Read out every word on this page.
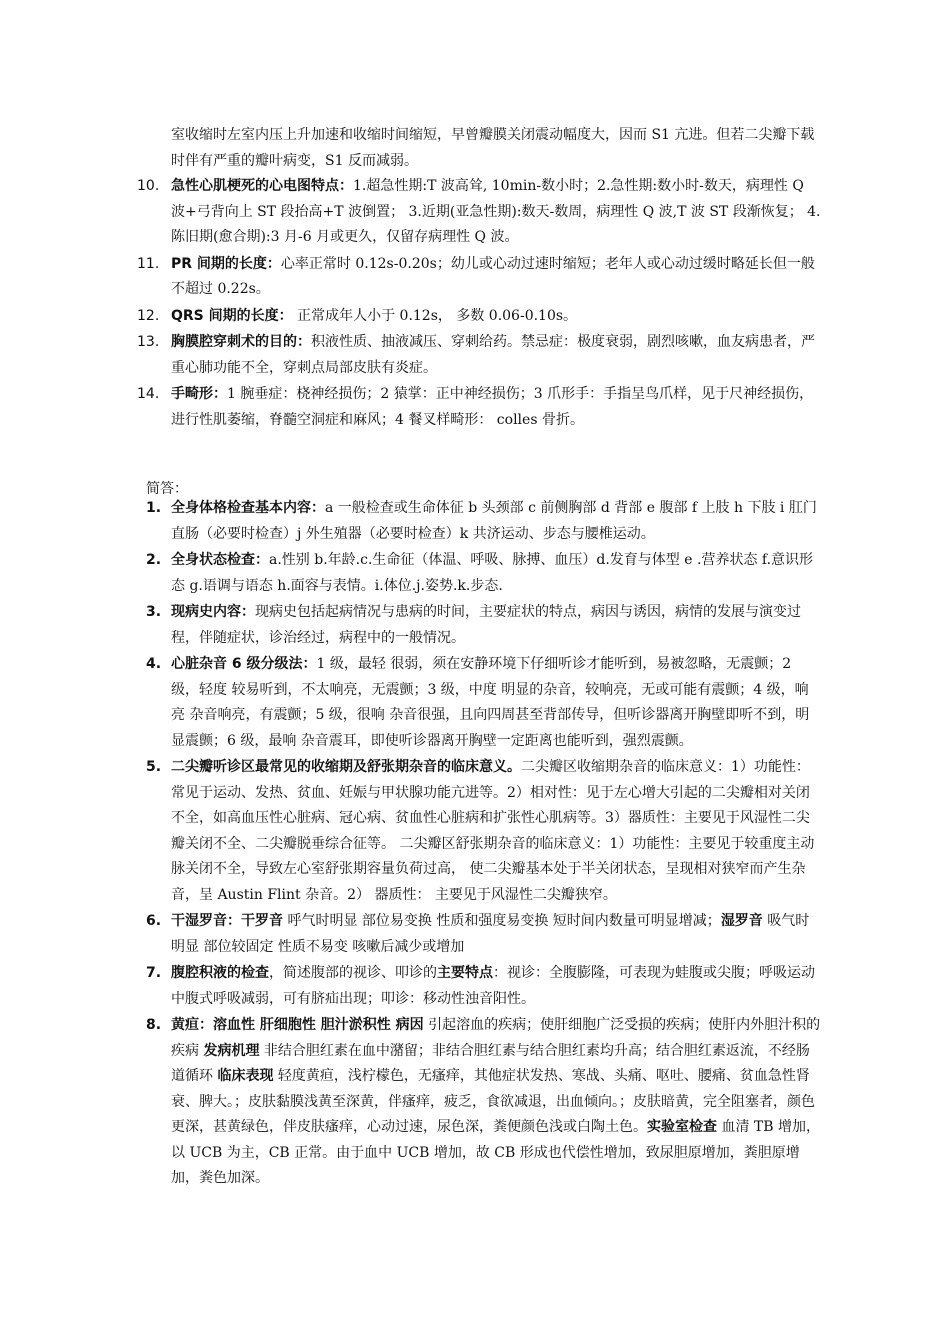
室收缩时左室内压上升加速和收缩时间缩短，早曾瓣膜关闭震动幅度大，因而 S1 亢进。但若二尖瓣下载时伴有严重的瓣叶病变，S1 反而减弱。
10. 急性心肌梗死的心电图特点：1.超急性期:T 波高耸, 10min-数小时；2.急性期:数小时-数天，病理性 Q 波+弓背向上 ST 段抬高+T 波倒置； 3.近期(亚急性期):数天-数周，病理性 Q 波,T 波 ST 段渐恢复； 4.陈旧期(愈合期):3 月-6 月或更久，仅留存病理性 Q 波。
11. PR 间期的长度：心率正常时 0.12s-0.20s；幼儿或心动过速时缩短；老年人或心动过缓时略延长但一般不超过 0.22s。
12. QRS 间期的长度： 正常成年人小于 0.12s， 多数 0.06-0.10s。
13. 胸膜腔穿刺术的目的：积液性质、抽液减压、穿刺给药。禁忌症：极度衰弱，剧烈咳嗽，血友病患者，严重心肺功能不全，穿刺点局部皮肤有炎症。
14. 手畸形：1 腕垂症：桡神经损伤；2 猿掌：正中神经损伤；3 爪形手：手指呈鸟爪样，见于尺神经损伤，进行性肌萎缩，脊髓空洞症和麻风；4 餐叉样畸形： colles 骨折。
简答：
1. 全身体格检查基本内容：a 一般检查或生命体征 b 头颈部 c 前侧胸部 d 背部 e 腹部 f 上肢 h 下肢 i 肛门直肠（必要时检查）j 外生殖器（必要时检查）k 共济运动、步态与腰椎运动。
2. 全身状态检查：a.性别 b.年龄.c.生命征（体温、呼吸、脉搏、血压）d.发育与体型 e .营养状态 f.意识形态 g.语调与语态 h.面容与表情。i.体位.j.姿势.k.步态.
3. 现病史内容：现病史包括起病情况与患病的时间，主要症状的特点，病因与诱因，病情的发展与演变过程，伴随症状，诊治经过，病程中的一般情况。
4. 心脏杂音 6 级分级法：1 级，最轻 很弱，须在安静环境下仔细听诊才能听到，易被忽略，无震颤；2 级，轻度 较易听到，不太响亮，无震颤；3 级，中度 明显的杂音，较响亮，无或可能有震颤；4 级，响亮 杂音响亮，有震颤；5 级，很响 杂音很强，且向四周甚至背部传导，但听诊器离开胸壁即听不到，明显震颤；6 级，最响 杂音震耳，即使听诊器离开胸壁一定距离也能听到，强烈震颤。
5. 二尖瓣听诊区最常见的收缩期及舒张期杂音的临床意义。二尖瓣区收缩期杂音的临床意义：1）功能性：常见于运动、发热、贫血、妊娠与甲状腺功能亢进等。2）相对性：见于左心增大引起的二尖瓣相对关闭不全，如高血压性心脏病、冠心病、贫血性心脏病和扩张性心肌病等。3）器质性：主要见于风湿性二尖瓣关闭不全、二尖瓣脱垂综合征等。 二尖瓣区舒张期杂音的临床意义：1）功能性：主要见于较重度主动脉关闭不全，导致左心室舒张期容量负荷过高， 使二尖瓣基本处于半关闭状态，呈现相对狭窄而产生杂音，呈 Austin Flint 杂音。2） 器质性： 主要见于风湿性二尖瓣狭窄。
6. 干湿罗音：干罗音 呼气时明显 部位易变换 性质和强度易变换 短时间内数量可明显增减；湿罗音 吸气时明显 部位较固定 性质不易变 咳嗽后减少或增加
7. 腹腔积液的检查，简述腹部的视诊、叩诊的主要特点：视诊：全腹膨隆，可表现为蛙腹或尖腹；呼吸运动中腹式呼吸减弱，可有脐疝出现；叩诊：移动性浊音阳性。
8. 黄疸：溶血性 肝细胞性 胆汁淤积性 病因 引起溶血的疾病；使肝细胞广泛受损的疾病；使肝内外胆汁积的疾病 发病机理 非结合胆红素在血中潴留；非结合胆红素与结合胆红素均升高；结合胆红素返流，不经肠道循环 临床表现 轻度黄疸，浅柠檬色，无瘙痒，其他症状发热、寒战、头痛、呕吐、腰痛、贫血急性肾衰、脾大。；皮肤黏膜浅黄至深黄，伴瘙痒，疲乏，食欲减退，出血倾向。；皮肤暗黄，完全阻塞者，颜色更深，甚黄绿色，伴皮肤瘙痒，心动过速，尿色深，粪便颜色浅或白陶土色。实验室检查 血清 TB 增加，以 UCB 为主，CB 正常。由于血中 UCB 增加，故 CB 形成也代偿性增加，致尿胆原增加，粪胆原增加，粪色加深。
